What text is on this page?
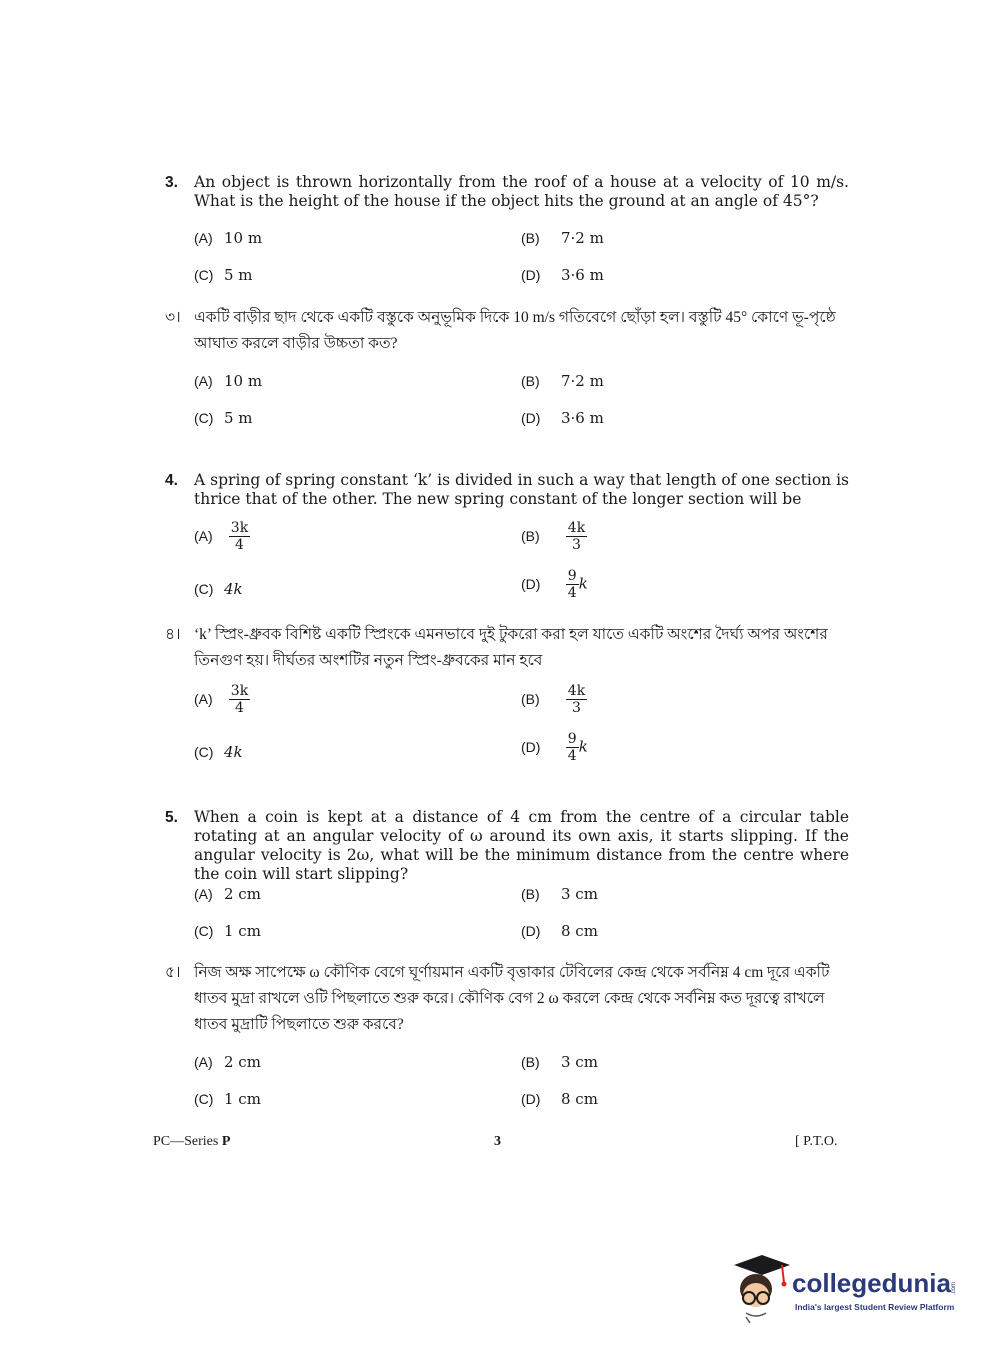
3. An object is thrown horizontally from the roof of a house at a velocity of 10 m/s. What is the height of the house if the object hits the ground at an angle of 45°?
(A) 10 m	(B) 7·2 m
(C) 5 m	(D) 3·6 m
৩। একটি বাড়ীর ছাদ থেকে একটি বস্তুকে অনুভূমিক দিকে 10 m/s গতিবেগে ছোঁড়া হল। বস্তুটি 45° কোণে ভূ-পৃষ্ঠে আঘাত করলে বাড়ীর উচ্চতা কত?
(A) 10 m	(B) 7·2 m
(C) 5 m	(D) 3·6 m
4. A spring of spring constant ‘k’ is divided in such a way that length of one section is thrice that of the other. The new spring constant of the longer section will be
$(A) \frac{3k}{4}$	$(B) \frac{4k}{3}$
(C) 4k	$(D) \frac{9}{4}$ k
৪। ‘k’ স্প্রিং-ধ্রুবক বিশিষ্ট একটি স্প্রিংকে এমনভাবে দুই টুকরো করা হল যাতে একটি অংশের দৈর্ঘ্য অপর অংশের তিনগুণ হয়। দীর্ঘতর অংশটির নতুন স্প্রিং-ধ্রুবকের মান হবে
$(A) \frac{3k}{4}$	$(B) \frac{4k}{3}$
(C) 4k	$(D) \frac{9}{4}$ k
5. When a coin is kept at a distance of 4 cm from the centre of a circular table rotating at an angular velocity of ω around its own axis, it starts slipping. If the angular velocity is 2ω, what will be the minimum distance from the centre where the coin will start slipping?
(A) 2 cm	(B) 3 cm
(C) 1 cm	(D) 8 cm
৫। নিজ অক্ষ সাপেক্ষে ω কৌণিক বেগে ঘূর্ণায়মান একটি বৃত্তাকার টেবিলের কেন্দ্র থেকে সর্বনিম্ন 4 cm দূরে একটি ধাতব মুদ্রা রাখলে ওটি পিছলাতে শুরু করে। কৌণিক বেগ 2 ω করলে কেন্দ্র থেকে সর্বনিম্ন কত দূরত্বে রাখলে ধাতব মুদ্রাটি পিছলাতে শুরু করবে?
(A) 2 cm	(B) 3 cm
(C) 1 cm	(D) 8 cm
PC—Series P	3	[ P.T.O.
collegedunia .com
India's largest Student Review Platform
